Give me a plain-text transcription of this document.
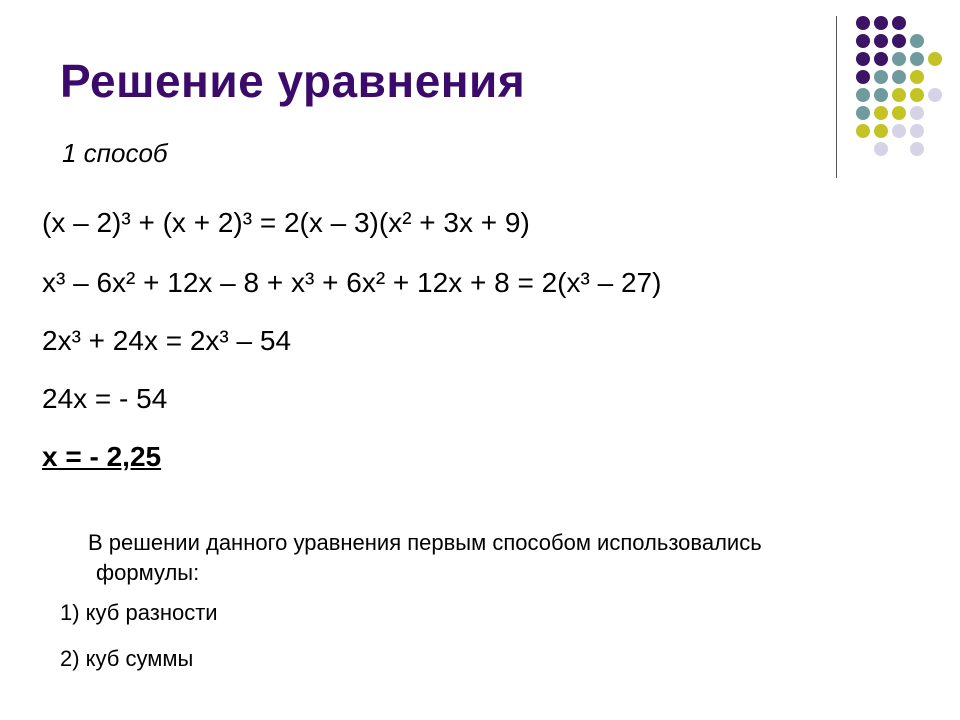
Решение уравнения
1 способ
(x – 2)³ + (x + 2)³ = 2(x – 3)(x² + 3x + 9)
x³ – 6x² + 12x – 8 + x³ + 6x² + 12x + 8 = 2(x³ – 27)
2x³ + 24x = 2x³ – 54
24x = - 54
x = - 2,25
В решении данного уравнения первым способом использовались
формулы:
1) куб разности
2) куб суммы
